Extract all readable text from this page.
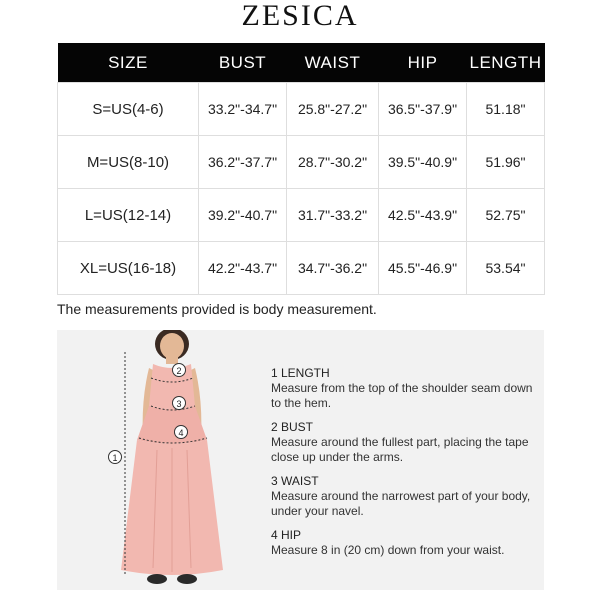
ZESICA
SIZE	BUST	WAIST	HIP	LENGTH
S=US(4-6)	33.2"-34.7"	25.8"-27.2"	36.5"-37.9"	51.18"
M=US(8-10)	36.2"-37.7"	28.7"-30.2"	39.5"-40.9"	51.96"
L=US(12-14)	39.2"-40.7"	31.7"-33.2"	42.5"-43.9"	52.75"
XL=US(16-18)	42.2"-43.7"	34.7"-36.2"	45.5"-46.9"	53.54"
The measurements provided is body measurement.
1
2
3
4
1 LENGTH
Measure from the top of the shoulder seam down to the hem.
2 BUST
Measure around the fullest part, placing the tape close up under the arms.
3 WAIST
Measure around the narrowest part of your body, under your navel.
4 HIP
Measure 8 in (20 cm) down from your waist.
